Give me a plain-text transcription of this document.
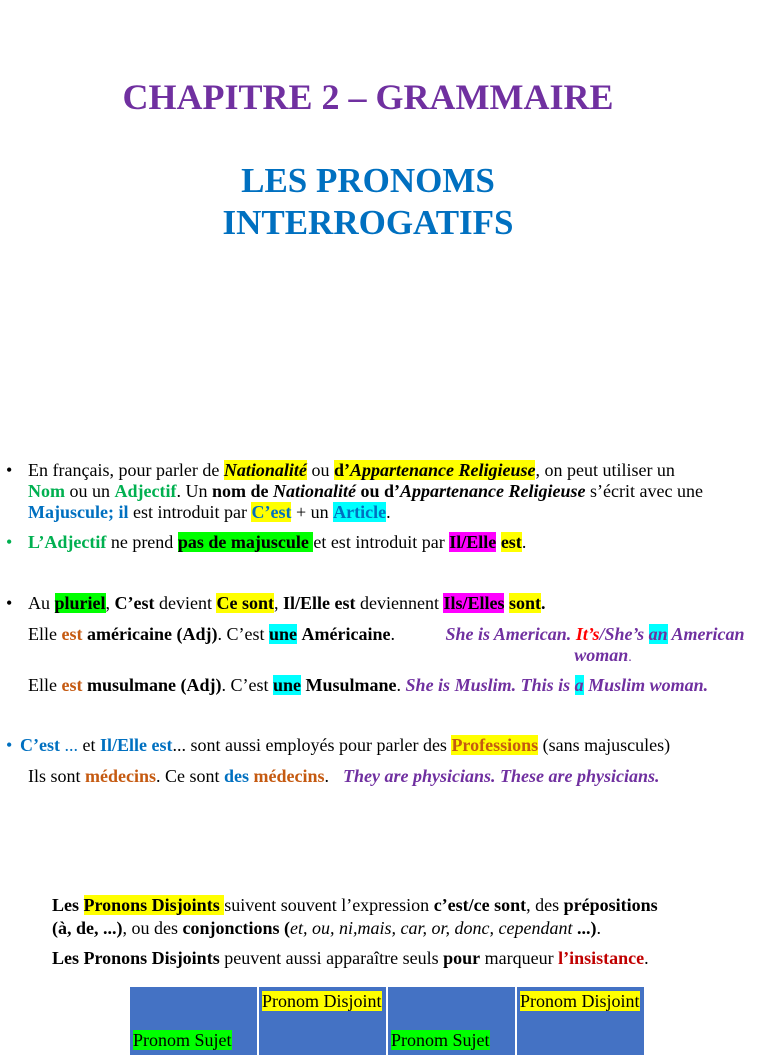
CHAPITRE 2 – GRAMMAIRE
LES PRONOMS
INTERROGATIFS
• En français, pour parler de Nationalité ou d’Appartenance Religieuse, on peut utiliser un
Nom ou un Adjectif. Un nom de Nationalité ou d’Appartenance Religieuse s’écrit avec une
Majuscule; il est introduit par C’est + un Article.
• L’Adjectif ne prend pas de majuscule et est introduit par Il/Elle est.
• Au pluriel, C’est devient Ce sont, Il/Elle est deviennent Ils/Elles sont.
Elle est américaine (Adj). C’est une Américaine.	She is American. It’s/She’s an American
woman.
Elle est musulmane (Adj). C’est une Musulmane. She is Muslim. This is a Muslim woman.
• C’est ... et Il/Elle est... sont aussi employés pour parler des Professions (sans majuscules)
Ils sont médecins. Ce sont des médecins. They are physicians. These are physicians.
Les Pronons Disjoints suivent souvent l’expression c’est/ce sont, des prépositions
(à, de, ...), ou des conjonctions (et, ou, ni,mais, car, or, donc, cependant ...).
Les Pronons Disjoints peuvent aussi apparaître seuls pour marqueur l’insistance.
Pronom Sujet	Pronom Disjoint	Pronom Sujet	Pronom Disjoint
